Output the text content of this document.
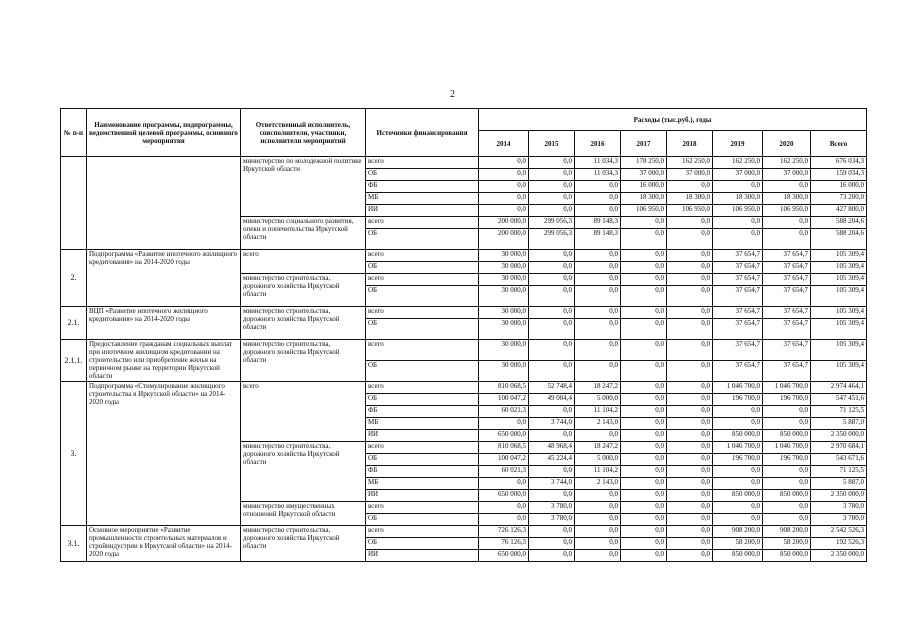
2
№ п-п	Наименование программы, подпрограммы, ведомственной целевой программы, основного мероприятия	Ответственный исполнитель, соисполнители, участники, исполнители мероприятий	Источники финансирования	Расходы (тыс.руб.), годы							
				2014	2015	2016	2017	2018	2019	2020	Всего
		министерство по молодежной политике Иркутской области	всего	0,0	0,0	11 034,3	178 250,0	162 250,0	162 250,0	162 250,0	676 034,3
			ОБ	0,0	0,0	11 034,3	37 000,0	37 000,0	37 000,0	37 000,0	159 034,3
			ФБ	0,0	0,0	0,0	16 000,0	0,0	0,0	0,0	16 000,0
			МБ	0,0	0,0	0,0	18 300,0	18 300,0	18 300,0	18 300,0	73 200,0
			ИИ	0,0	0,0	0,0	106 950,0	106 950,0	106 950,0	106 950,0	427 800,0
		министерство социального развития, опеки и попечительства Иркутской области	всего	200 000,0	299 056,3	89 148,3	0,0	0,0	0,0	0,0	588 204,6
			ОБ	200 000,0	299 056,3	89 148,3	0,0	0,0	0,0	0,0	588 204,6
2.	Подпрограмма «Развитие ипотечного жилищного кредитования» на 2014-2020 годы	всего	всего	30 000,0	0,0	0,0	0,0	0,0	37 654,7	37 654,7	105 309,4
			ОБ	30 000,0	0,0	0,0	0,0	0,0	37 654,7	37 654,7	105 309,4
		министерство строительства, дорожного хозяйства Иркутской области	всего	30 000,0	0,0	0,0	0,0	0,0	37 654,7	37 654,7	105 309,4
			ОБ	30 000,0	0,0	0,0	0,0	0,0	37 654,7	37 654,7	105 309,4
2.1.	ВЦП «Развитие ипотечного жилищного кредитования» на 2014-2020 годы	министерство строительства, дорожного хозяйства Иркутской области	всего	30 000,0	0,0	0,0	0,0	0,0	37 654,7	37 654,7	105 309,4
			ОБ	30 000,0	0,0	0,0	0,0	0,0	37 654,7	37 654,7	105 309,4
2.1.1.	Предоставление гражданам социальных выплат при ипотечном жилищном кредитовании на строительство или приобретение жилья на первичном рынке на территории Иркутской области	министерство строительства, дорожного хозяйства Иркутской области	всего	30 000,0	0,0	0,0	0,0	0,0	37 654,7	37 654,7	105 309,4
			ОБ	30 000,0	0,0	0,0	0,0	0,0	37 654,7	37 654,7	105 309,4
3.	Подпрограмма «Стимулирование жилищного строительства в Иркутской области» на 2014-2020 годы	всего	всего	810 068,5	52 748,4	18 247,2	0,0	0,0	1 046 700,0	1 046 700,0	2 974 464,1
			ОБ	100 047,2	49 004,4	5 000,0	0,0	0,0	196 700,0	196 700,0	547 451,6
			ФБ	60 021,3	0,0	11 104,2	0,0	0,0	0,0	0,0	71 125,5
			МБ	0,0	3 744,0	2 143,0	0,0	0,0	0,0	0,0	5 887,0
			ИИ	650 000,0	0,0	0,0	0,0	0,0	850 000,0	850 000,0	2 350 000,0
		министерство строительства, дорожного хозяйства Иркутской области	всего	810 068,5	48 968,4	18 247,2	0,0	0,0	1 046 700,0	1 046 700,0	2 970 684,1
			ОБ	100 047,2	45 224,4	5 000,0	0,0	0,0	196 700,0	196 700,0	543 671,6
			ФБ	60 021,3	0,0	11 104,2	0,0	0,0	0,0	0,0	71 125,5
			МБ	0,0	3 744,0	2 143,0	0,0	0,0	0,0	0,0	5 887,0
			ИИ	650 000,0	0,0	0,0	0,0	0,0	850 000,0	850 000,0	2 350 000,0
		министерство имущественных отношений Иркутской области	всего	0,0	3 780,0	0,0	0,0	0,0	0,0	0,0	3 780,0
			ОБ	0,0	3 780,0	0,0	0,0	0,0	0,0	0,0	3 780,0
3.1.	Основное мероприятие «Развитие промышленности строительных материалов и стройиндустрии в Иркутской области» на 2014-2020 годы	министерство строительства, дорожного хозяйства Иркутской области	всего	726 126,3	0,0	0,0	0,0	0,0	908 200,0	908 200,0	2 542 526,3
			ОБ	76 126,3	0,0	0,0	0,0	0,0	58 200,0	58 200,0	192 526,3
			ИИ	650 000,0	0,0	0,0	0,0	0,0	850 000,0	850 000,0	2 350 000,0
